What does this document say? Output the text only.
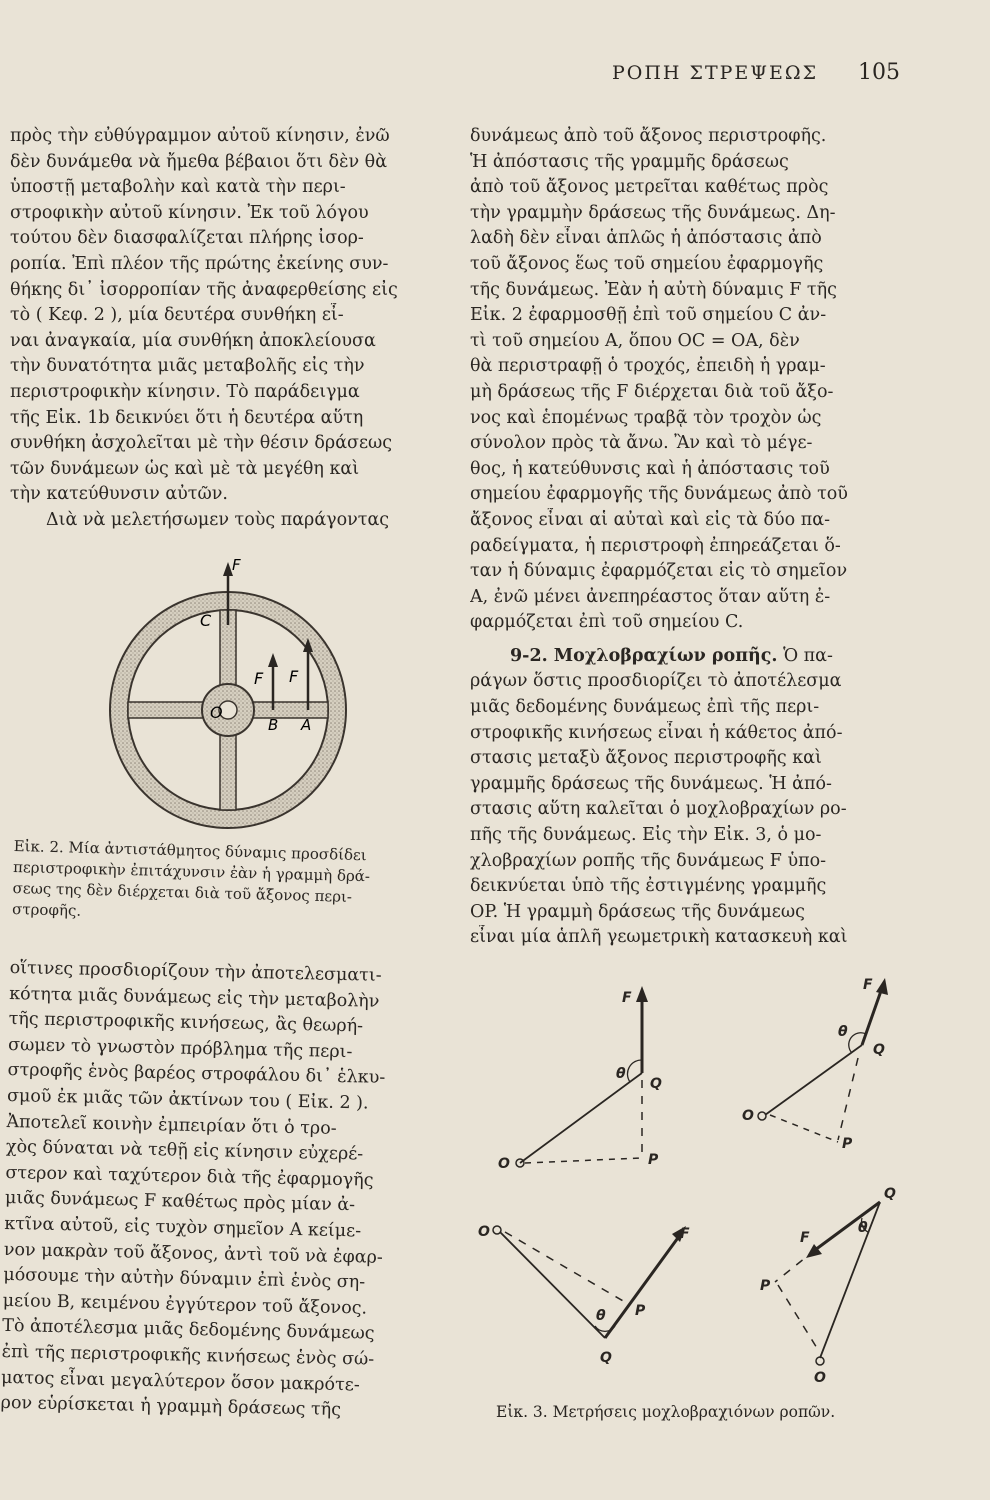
ΡΟΠΗ ΣΤΡΕΨΕΩΣ 105
πρὸς τὴν εὐθύγραμμον αὐτοῦ κίνησιν, ἐνῶ
δὲν δυνάμεθα νὰ ἤμεθα βέβαιοι ὅτι δὲν θὰ
ὑποστῇ μεταβολὴν καὶ κατὰ τὴν περι-
στροφικὴν αὐτοῦ κίνησιν. Ἐκ τοῦ λόγου
τούτου δὲν διασφαλίζεται πλήρης ἰσορ-
ροπία. Ἐπὶ πλέον τῆς πρώτης ἐκείνης συν-
θήκης δι᾽ ἰσορροπίαν τῆς ἀναφερθείσης εἰς
τὸ ( Κεφ. 2 ), μία δευτέρα συνθήκη εἶ-
ναι ἀναγκαία, μία συνθήκη ἀποκλείουσα
τὴν δυνατότητα μιᾶς μεταβολῆς εἰς τὴν
περιστροφικὴν κίνησιν. Τὸ παράδειγμα
τῆς Εἰκ. 1b δεικνύει ὅτι ἡ δευτέρα αὕτη
συνθήκη ἀσχολεῖται μὲ τὴν θέσιν δράσεως
τῶν δυνάμεων ὡς καὶ μὲ τὰ μεγέθη καὶ
τὴν κατεύθυνσιν αὐτῶν.
Διὰ νὰ μελετήσωμεν τοὺς παράγοντας
F
C
F F
O
B A
Εἰκ. 2. Μία ἀντιστάθμητος δύναμις προσδίδει
περιστροφικὴν ἐπιτάχυνσιν ἐὰν ἡ γραμμὴ δρά-
σεως της δὲν διέρχεται διὰ τοῦ ἄξονος περι-
στροφῆς.
οἵτινες προσδιορίζουν τὴν ἀποτελεσματι-
κότητα μιᾶς δυνάμεως εἰς τὴν μεταβολὴν
τῆς περιστροφικῆς κινήσεως, ἂς θεωρή-
σωμεν τὸ γνωστὸν πρόβλημα τῆς περι-
στροφῆς ἑνὸς βαρέος στροφάλου δι᾽ ἑλκυ-
σμοῦ ἐκ μιᾶς τῶν ἀκτίνων του ( Εἰκ. 2 ).
Ἀποτελεῖ κοινὴν ἐμπειρίαν ὅτι ὁ τρο-
χὸς δύναται νὰ τεθῇ εἰς κίνησιν εὐχερέ-
στερον καὶ ταχύτερον διὰ τῆς ἐφαρμογῆς
μιᾶς δυνάμεως F καθέτως πρὸς μίαν ἀ-
κτῖνα αὐτοῦ, εἰς τυχὸν σημεῖον A κείμε-
νον μακρὰν τοῦ ἄξονος, ἀντὶ τοῦ νὰ ἐφαρ-
μόσουμε τὴν αὐτὴν δύναμιν ἐπὶ ἑνὸς ση-
μείου B, κειμένου ἐγγύτερον τοῦ ἄξονος.
Τὸ ἀποτέλεσμα μιᾶς δεδομένης δυνάμεως
ἐπὶ τῆς περιστροφικῆς κινήσεως ἑνὸς σώ-
ματος εἶναι μεγαλύτερον ὅσον μακρότε-
ρον εὑρίσκεται ἡ γραμμὴ δράσεως τῆς
δυνάμεως ἀπὸ τοῦ ἄξονος περιστροφῆς.
Ἡ ἀπόστασις τῆς γραμμῆς δράσεως
ἀπὸ τοῦ ἄξονος μετρεῖται καθέτως πρὸς
τὴν γραμμὴν δράσεως τῆς δυνάμεως. Δη-
λαδὴ δὲν εἶναι ἁπλῶς ἡ ἀπόστασις ἀπὸ
τοῦ ἄξονος ἕως τοῦ σημείου ἐφαρμογῆς
τῆς δυνάμεως. Ἐὰν ἡ αὐτὴ δύναμις F τῆς
Εἰκ. 2 ἐφαρμοσθῇ ἐπὶ τοῦ σημείου C ἀν-
τὶ τοῦ σημείου A, ὅπου OC = OA, δὲν
θὰ περιστραφῇ ὁ τροχός, ἐπειδὴ ἡ γραμ-
μὴ δράσεως τῆς F διέρχεται διὰ τοῦ ἄξο-
νος καὶ ἑπομένως τραβᾷ τὸν τροχὸν ὡς
σύνολον πρὸς τὰ ἄνω. Ἂν καὶ τὸ μέγε-
θος, ἡ κατεύθυνσις καὶ ἡ ἀπόστασις τοῦ
σημείου ἐφαρμογῆς τῆς δυνάμεως ἀπὸ τοῦ
ἄξονος εἶναι αἱ αὐταὶ καὶ εἰς τὰ δύο πα-
ραδείγματα, ἡ περιστροφὴ ἐπηρεάζεται ὅ-
ταν ἡ δύναμις ἐφαρμόζεται εἰς τὸ σημεῖον
A, ἐνῶ μένει ἀνεπηρέαστος ὅταν αὕτη ἐ-
φαρμόζεται ἐπὶ τοῦ σημείου C.
9-2. Μοχλοβραχίων ροπῆς. Ὁ πα-
ράγων ὅστις προσδιορίζει τὸ ἀποτέλεσμα
μιᾶς δεδομένης δυνάμεως ἐπὶ τῆς περι-
στροφικῆς κινήσεως εἶναι ἡ κάθετος ἀπό-
στασις μεταξὺ ἄξονος περιστροφῆς καὶ
γραμμῆς δράσεως τῆς δυνάμεως. Ἡ ἀπό-
στασις αὕτη καλεῖται ὁ μοχλοβραχίων ρο-
πῆς τῆς δυνάμεως. Εἰς τὴν Εἰκ. 3, ὁ μο-
χλοβραχίων ροπῆς τῆς δυνάμεως F ὑπο-
δεικνύεται ὑπὸ τῆς ἐστιγμένης γραμμῆς
OP. Ἡ γραμμὴ δράσεως τῆς δυνάμεως
εἶναι μία ἁπλῆ γεωμετρικὴ κατασκευὴ καὶ
F
θ
Q
O	P
F
θ
Q
O
P
O	F
θ P
Q
Q
F
θ
P
O
Εἰκ. 3. Μετρήσεις μοχλοβραχιόνων ροπῶν.
